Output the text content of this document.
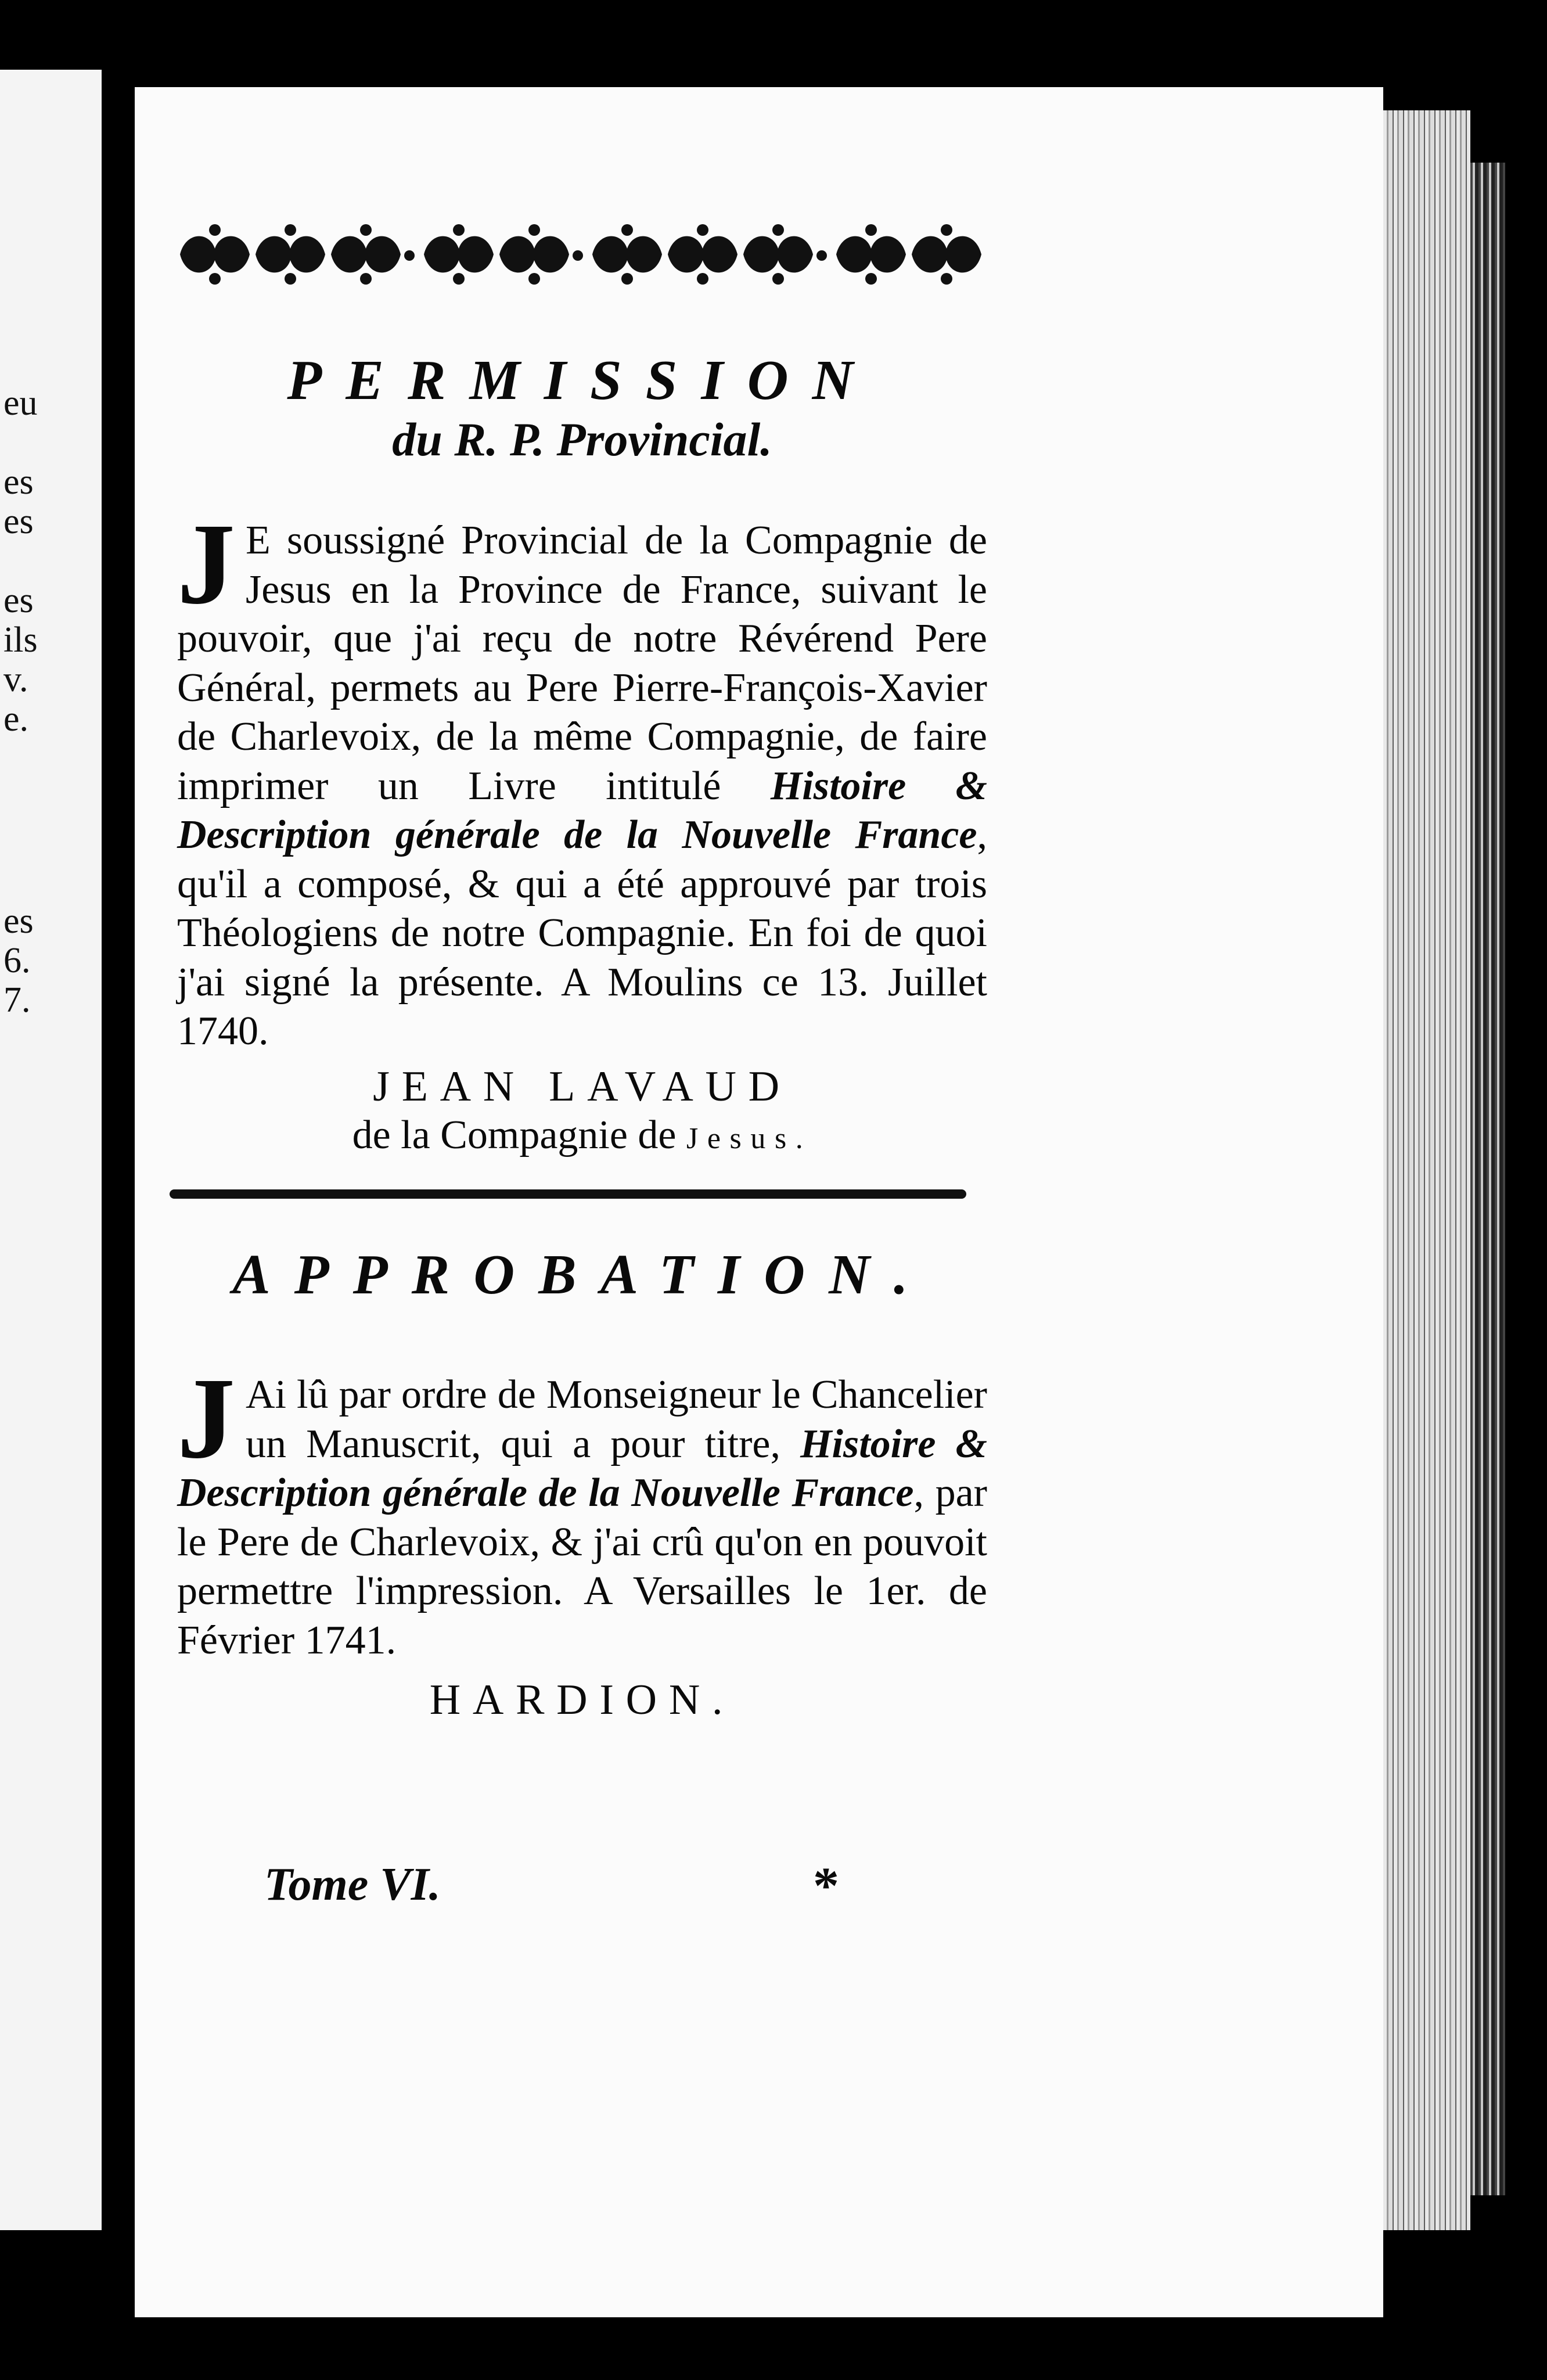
eu
es
es
es
ils
v.
e.
es
6.
7.
PERMISSION
du R. P. Provincial.
J E soussigné Provincial de la Compagnie de Jesus en la Province de France, suivant le pouvoir, que j'ai reçu de notre Révérend Pere Général, permets au Pere Pierre-François-Xavier de Charlevoix, de la même Compagnie, de faire imprimer un Livre intitulé Histoire & Description générale de la Nouvelle France, qu'il a composé, & qui a été approuvé par trois Théologiens de notre Compagnie. En foi de quoi j'ai signé la présente. A Moulins ce 13. Juillet 1740.
JEAN LAVAUD
de la Compagnie de Jesus.
APPROBATION.
J Ai lû par ordre de Monseigneur le Chancelier un Manuscrit, qui a pour titre, Histoire & Description générale de la Nouvelle France, par le Pere de Charlevoix, & j'ai crû qu'on en pouvoit permettre l'impression. A Versailles le 1er. de Février 1741.
HARDION.
Tome VI.	*
